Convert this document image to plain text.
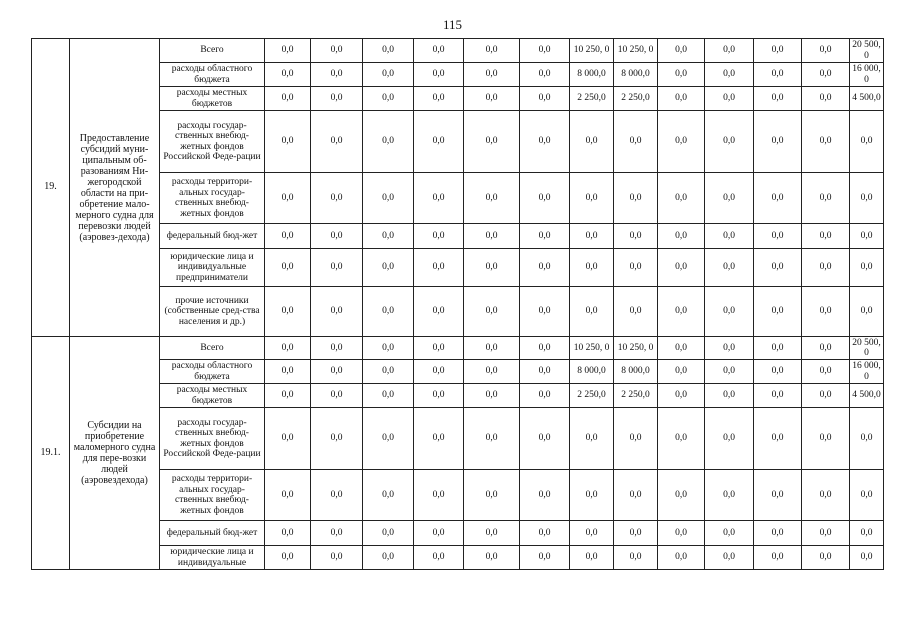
115
19.	Предоставление субсидий муни-ципальным об-разованиям Ни-жегородской области на при-обретение мало-мерного судна для перевозки людей (аэровез-дехода)	Всего	0,0	0,0	0,0	0,0	0,0	0,0	10 250, 0	10 250, 0	0,0	0,0	0,0	0,0	20 500, 0
		расходы областного бюджета	0,0	0,0	0,0	0,0	0,0	0,0	8 000,0	8 000,0	0,0	0,0	0,0	0,0	16 000, 0
		расходы местных бюджетов	0,0	0,0	0,0	0,0	0,0	0,0	2 250,0	2 250,0	0,0	0,0	0,0	0,0	4 500,0
		расходы государ-ственных внебюд-жетных фондов Российской Феде-рации	0,0	0,0	0,0	0,0	0,0	0,0	0,0	0,0	0,0	0,0	0,0	0,0	0,0
		расходы территори-альных государ-ственных внебюд-жетных фондов	0,0	0,0	0,0	0,0	0,0	0,0	0,0	0,0	0,0	0,0	0,0	0,0	0,0
		федеральный бюд-жет	0,0	0,0	0,0	0,0	0,0	0,0	0,0	0,0	0,0	0,0	0,0	0,0	0,0
		юридические лица и индивидуальные предприниматели	0,0	0,0	0,0	0,0	0,0	0,0	0,0	0,0	0,0	0,0	0,0	0,0	0,0
		прочие источники (собственные сред-ства населения и др.)	0,0	0,0	0,0	0,0	0,0	0,0	0,0	0,0	0,0	0,0	0,0	0,0	0,0
19.1.	Субсидии на приобретение маломерного судна для пере-возки людей (аэровездехода)	Всего	0,0	0,0	0,0	0,0	0,0	0,0	10 250, 0	10 250, 0	0,0	0,0	0,0	0,0	20 500, 0
		расходы областного бюджета	0,0	0,0	0,0	0,0	0,0	0,0	8 000,0	8 000,0	0,0	0,0	0,0	0,0	16 000, 0
		расходы местных бюджетов	0,0	0,0	0,0	0,0	0,0	0,0	2 250,0	2 250,0	0,0	0,0	0,0	0,0	4 500,0
		расходы государ-ственных внебюд-жетных фондов Российской Феде-рации	0,0	0,0	0,0	0,0	0,0	0,0	0,0	0,0	0,0	0,0	0,0	0,0	0,0
		расходы территори-альных государ-ственных внебюд-жетных фондов	0,0	0,0	0,0	0,0	0,0	0,0	0,0	0,0	0,0	0,0	0,0	0,0	0,0
		федеральный бюд-жет	0,0	0,0	0,0	0,0	0,0	0,0	0,0	0,0	0,0	0,0	0,0	0,0	0,0
		юридические лица и индивидуальные	0,0	0,0	0,0	0,0	0,0	0,0	0,0	0,0	0,0	0,0	0,0	0,0	0,0
